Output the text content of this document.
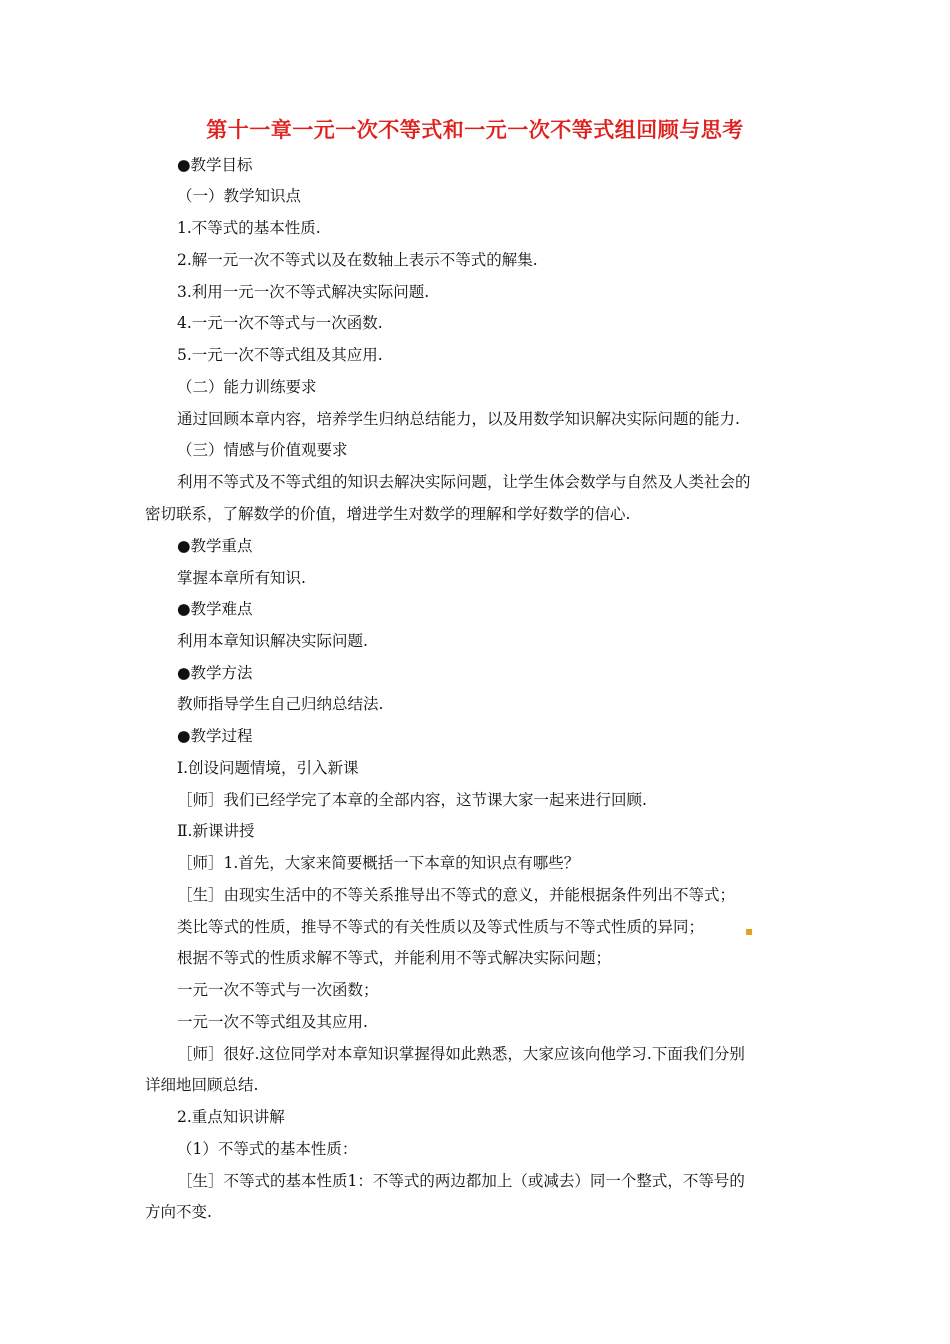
第十一章一元一次不等式和一元一次不等式组回顾与思考
●教学目标
（一）教学知识点
1.不等式的基本性质.
2.解一元一次不等式以及在数轴上表示不等式的解集.
3.利用一元一次不等式解决实际问题.
4.一元一次不等式与一次函数.
5.一元一次不等式组及其应用.
（二）能力训练要求
通过回顾本章内容，培养学生归纳总结能力，以及用数学知识解决实际问题的能力.
（三）情感与价值观要求
利用不等式及不等式组的知识去解决实际问题，让学生体会数学与自然及人类社会的
密切联系，了解数学的价值，增进学生对数学的理解和学好数学的信心.
●教学重点
掌握本章所有知识.
●教学难点
利用本章知识解决实际问题.
●教学方法
教师指导学生自己归纳总结法.
●教学过程
Ⅰ.创设问题情境，引入新课
［师］我们已经学完了本章的全部内容，这节课大家一起来进行回顾.
Ⅱ.新课讲授
［师］1.首先，大家来简要概括一下本章的知识点有哪些？
［生］由现实生活中的不等关系推导出不等式的意义，并能根据条件列出不等式；
类比等式的性质，推导不等式的有关性质以及等式性质与不等式性质的异同；
根据不等式的性质求解不等式，并能利用不等式解决实际问题；
一元一次不等式与一次函数；
一元一次不等式组及其应用.
［师］很好.这位同学对本章知识掌握得如此熟悉，大家应该向他学习.下面我们分别
详细地回顾总结.
2.重点知识讲解
（1）不等式的基本性质：
［生］不等式的基本性质1：不等式的两边都加上（或减去）同一个整式，不等号的
方向不变.
▪
